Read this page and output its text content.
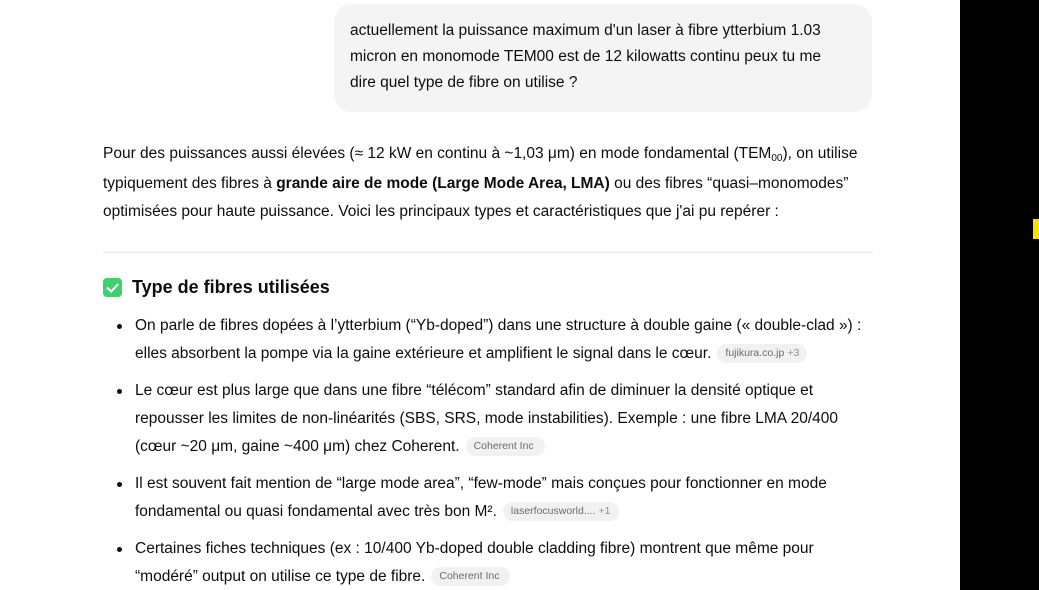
actuellement la puissance maximum d'un laser à fibre ytterbium 1.03 micron en monomode TEM00 est de 12 kilowatts continu peux tu me dire quel type de fibre on utilise ?

Pour des puissances aussi élevées (≈ 12 kW en continu à ~1,03 μm) en mode fondamental $(TEM_{00})$, on utilise typiquement des fibres à grande aire de mode (Large Mode Area, LMA) ou des fibres “quasi–monomodes” optimisées pour haute puissance. Voici les principaux types et caractéristiques que j'ai pu repérer :

Type de fibres utilisées
On parle de fibres dopées à l’ytterbium (“Yb-doped”) dans une structure à double gaine (« double-clad ») : elles absorbent la pompe via la gaine extérieure et amplifient le signal dans le cœur. fujikura.co.jp +3
Le cœur est plus large que dans une fibre “télécom” standard afin de diminuer la densité optique et repousser les limites de non-linéarités (SBS, SRS, mode instabilities). Exemple : une fibre LMA 20/400 (cœur ~20 μm, gaine ~400 μm) chez Coherent. Coherent Inc
Il est souvent fait mention de “large mode area”, “few-mode” mais conçues pour fonctionner en mode fondamental ou quasi fondamental avec très bon M². laserfocusworld.... +1
Certaines fiches techniques (ex : 10/400 Yb-doped double cladding fibre) montrent que même pour “modéré” output on utilise ce type de fibre. Coherent Inc
